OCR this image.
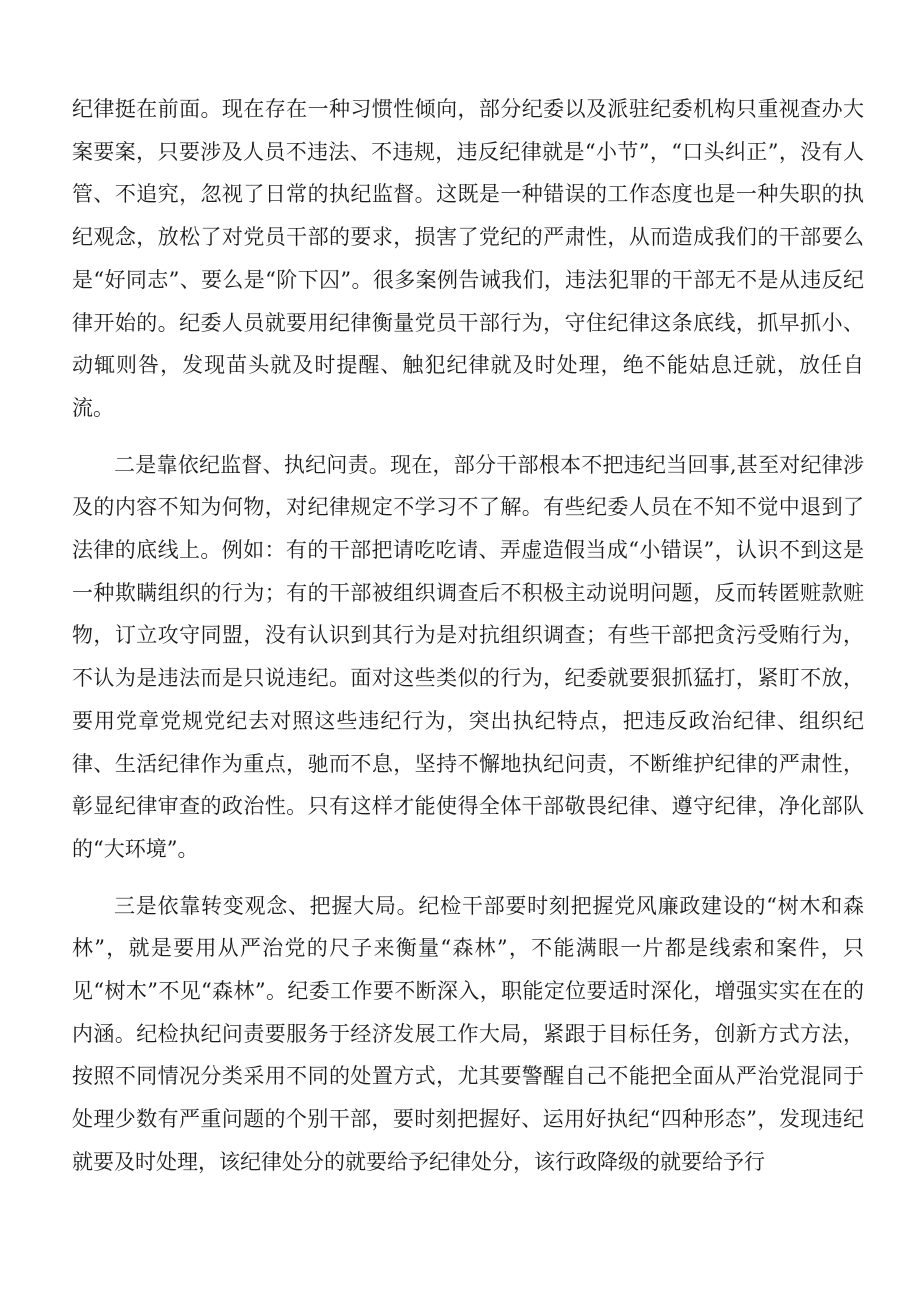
纪律挺在前面。现在存在一种习惯性倾向，部分纪委以及派驻纪委机构只重视查办大案要案，只要涉及人员不违法、不违规，违反纪律就是“小节”，“口头纠正”，没有人管、不追究，忽视了日常的执纪监督。这既是一种错误的工作态度也是一种失职的执纪观念，放松了对党员干部的要求，损害了党纪的严肃性，从而造成我们的干部要么是“好同志”、要么是“阶下囚”。很多案例告诫我们，违法犯罪的干部无不是从违反纪律开始的。纪委人员就要用纪律衡量党员干部行为，守住纪律这条底线，抓早抓小、动辄则咎，发现苗头就及时提醒、触犯纪律就及时处理，绝不能姑息迁就，放任自流。

二是靠依纪监督、执纪问责。现在，部分干部根本不把违纪当回事,甚至对纪律涉及的内容不知为何物，对纪律规定不学习不了解。有些纪委人员在不知不觉中退到了法律的底线上。例如：有的干部把请吃吃请、弄虚造假当成“小错误”，认识不到这是一种欺瞒组织的行为；有的干部被组织调查后不积极主动说明问题，反而转匿赃款赃物，订立攻守同盟，没有认识到其行为是对抗组织调查；有些干部把贪污受贿行为，不认为是违法而是只说违纪。面对这些类似的行为，纪委就要狠抓猛打，紧盯不放，要用党章党规党纪去对照这些违纪行为，突出执纪特点，把违反政治纪律、组织纪律、生活纪律作为重点，驰而不息，坚持不懈地执纪问责，不断维护纪律的严肃性，彰显纪律审查的政治性。只有这样才能使得全体干部敬畏纪律、遵守纪律，净化部队的“大环境”。

三是依靠转变观念、把握大局。纪检干部要时刻把握党风廉政建设的“树木和森林”，就是要用从严治党的尺子来衡量“森林”，不能满眼一片都是线索和案件，只见“树木”不见“森林”。纪委工作要不断深入，职能定位要适时深化，增强实实在在的内涵。纪检执纪问责要服务于经济发展工作大局，紧跟于目标任务，创新方式方法，按照不同情况分类采用不同的处置方式，尤其要警醒自己不能把全面从严治党混同于处理少数有严重问题的个别干部，要时刻把握好、运用好执纪“四种形态”，发现违纪就要及时处理，该纪律处分的就要给予纪律处分，该行政降级的就要给予行
